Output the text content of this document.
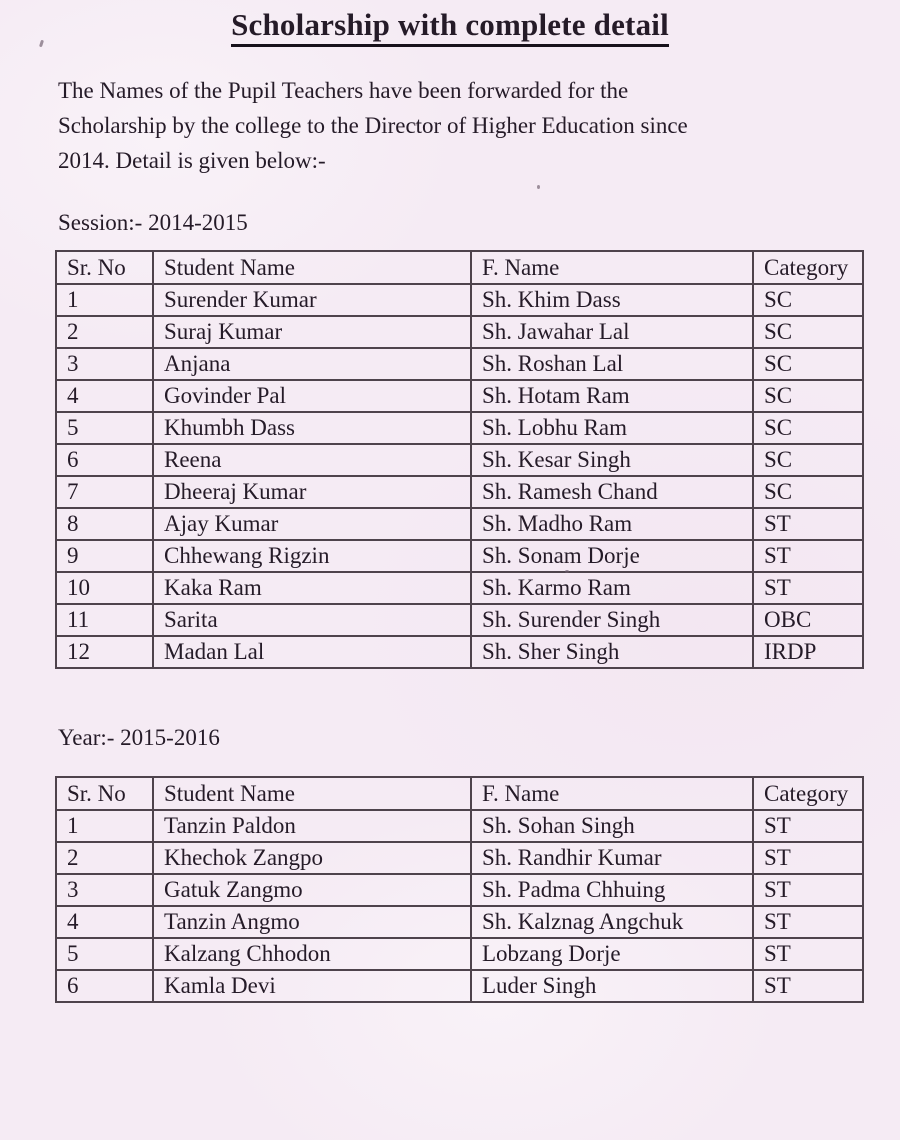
Scholarship with complete detail
The Names of the Pupil Teachers have been forwarded for the
Scholarship by the college to the Director of Higher Education since
2014. Detail is given below:-
Session:- 2014-2015
Sr. No	Student Name	F. Name	Category
1	Surender Kumar	Sh. Khim Dass	SC
2	Suraj Kumar	Sh. Jawahar Lal	SC
3	Anjana	Sh. Roshan Lal	SC
4	Govinder Pal	Sh. Hotam Ram	SC
5	Khumbh Dass	Sh. Lobhu Ram	SC
6	Reena	Sh. Kesar Singh	SC
7	Dheeraj Kumar	Sh. Ramesh Chand	SC
8	Ajay Kumar	Sh. Madho Ram	ST
9	Chhewang Rigzin	Sh. Sonam Dorje	ST
10	Kaka Ram	Sh. Karmo Ram	ST
11	Sarita	Sh. Surender Singh	OBC
12	Madan Lal	Sh. Sher Singh	IRDP
Year:- 2015-2016
Sr. No	Student Name	F. Name	Category
1	Tanzin Paldon	Sh. Sohan Singh	ST
2	Khechok Zangpo	Sh. Randhir Kumar	ST
3	Gatuk Zangmo	Sh. Padma Chhuing	ST
4	Tanzin Angmo	Sh. Kalznag Angchuk	ST
5	Kalzang Chhodon	Lobzang Dorje	ST
6	Kamla Devi	Luder Singh	ST
